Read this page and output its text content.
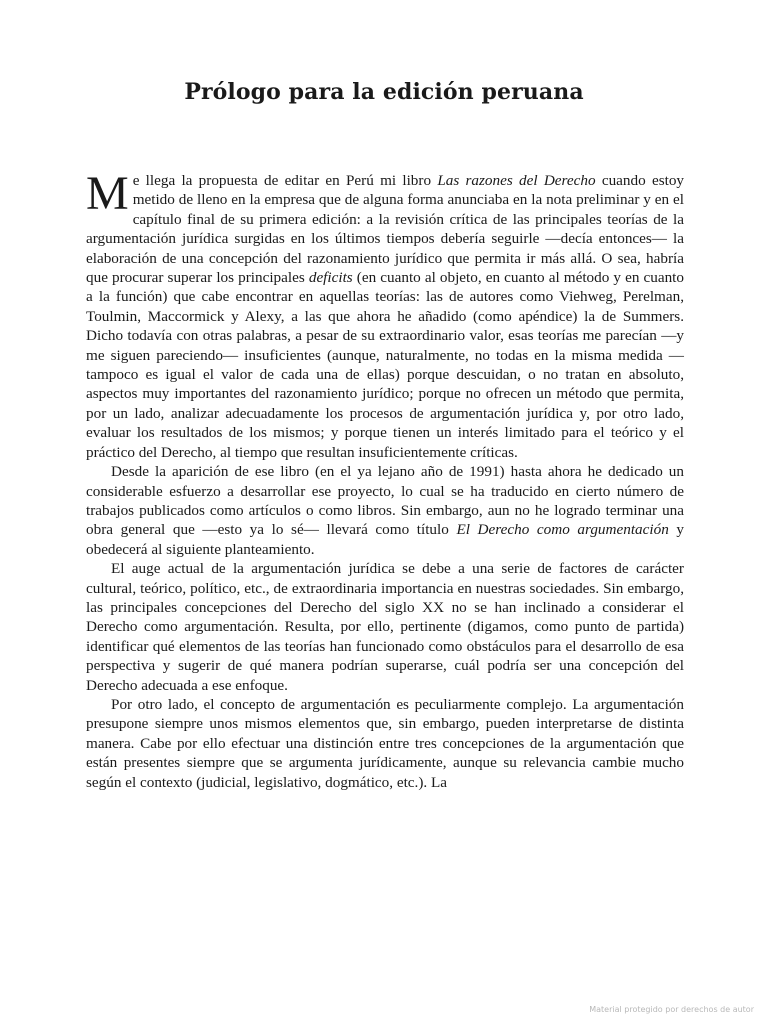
Prólogo para la edición peruana

Me llega la propuesta de editar en Perú mi libro Las razones del Derecho cuando estoy metido de lleno en la empresa que de alguna forma anunciaba en la nota preliminar y en el capítulo final de su primera edición: a la revisión crítica de las principales teorías de la argumentación jurídica surgidas en los últimos tiempos debería seguirle —decía entonces— la elaboración de una concepción del razonamiento jurídico que permita ir más allá. O sea, habría que procurar superar los principales deficits (en cuanto al objeto, en cuanto al método y en cuanto a la función) que cabe encontrar en aquellas teorías: las de autores como Viehweg, Perelman, Toulmin, Maccormick y Alexy, a las que ahora he añadido (como apéndice) la de Summers. Dicho todavía con otras palabras, a pesar de su extraordinario valor, esas teorías me parecían —y me siguen pareciendo— insuficientes (aunque, naturalmente, no todas en la misma medida — tampoco es igual el valor de cada una de ellas) porque descuidan, o no tratan en absoluto, aspectos muy importantes del razonamiento jurídico; porque no ofrecen un método que permita, por un lado, analizar adecuadamente los procesos de argumentación jurídica y, por otro lado, evaluar los resultados de los mismos; y porque tienen un interés limitado para el teórico y el práctico del Derecho, al tiempo que resultan insuficientemente críticas.

Desde la aparición de ese libro (en el ya lejano año de 1991) hasta ahora he dedicado un considerable esfuerzo a desarrollar ese proyecto, lo cual se ha traducido en cierto número de trabajos publicados como artículos o como libros. Sin embargo, aun no he logrado terminar una obra general que —esto ya lo sé— llevará como título El Derecho como argumentación y obedecerá al siguiente planteamiento.

El auge actual de la argumentación jurídica se debe a una serie de factores de carácter cultural, teórico, político, etc., de extraordinaria importancia en nuestras sociedades. Sin embargo, las principales concepciones del Derecho del siglo XX no se han inclinado a considerar el Derecho como argumentación. Resulta, por ello, pertinente (digamos, como punto de partida) identificar qué elementos de las teorías han funcionado como obstáculos para el desarrollo de esa perspectiva y sugerir de qué manera podrían superarse, cuál podría ser una concepción del Derecho adecuada a ese enfoque.

Por otro lado, el concepto de argumentación es peculiarmente complejo. La argumentación presupone siempre unos mismos elementos que, sin embargo, pueden interpretarse de distinta manera. Cabe por ello efectuar una distinción entre tres concepciones de la argumentación que están presentes siempre que se argumenta jurídicamente, aunque su relevancia cambie mucho según el contexto (judicial, legislativo, dogmático, etc.). La

Material protegido por derechos de autor
